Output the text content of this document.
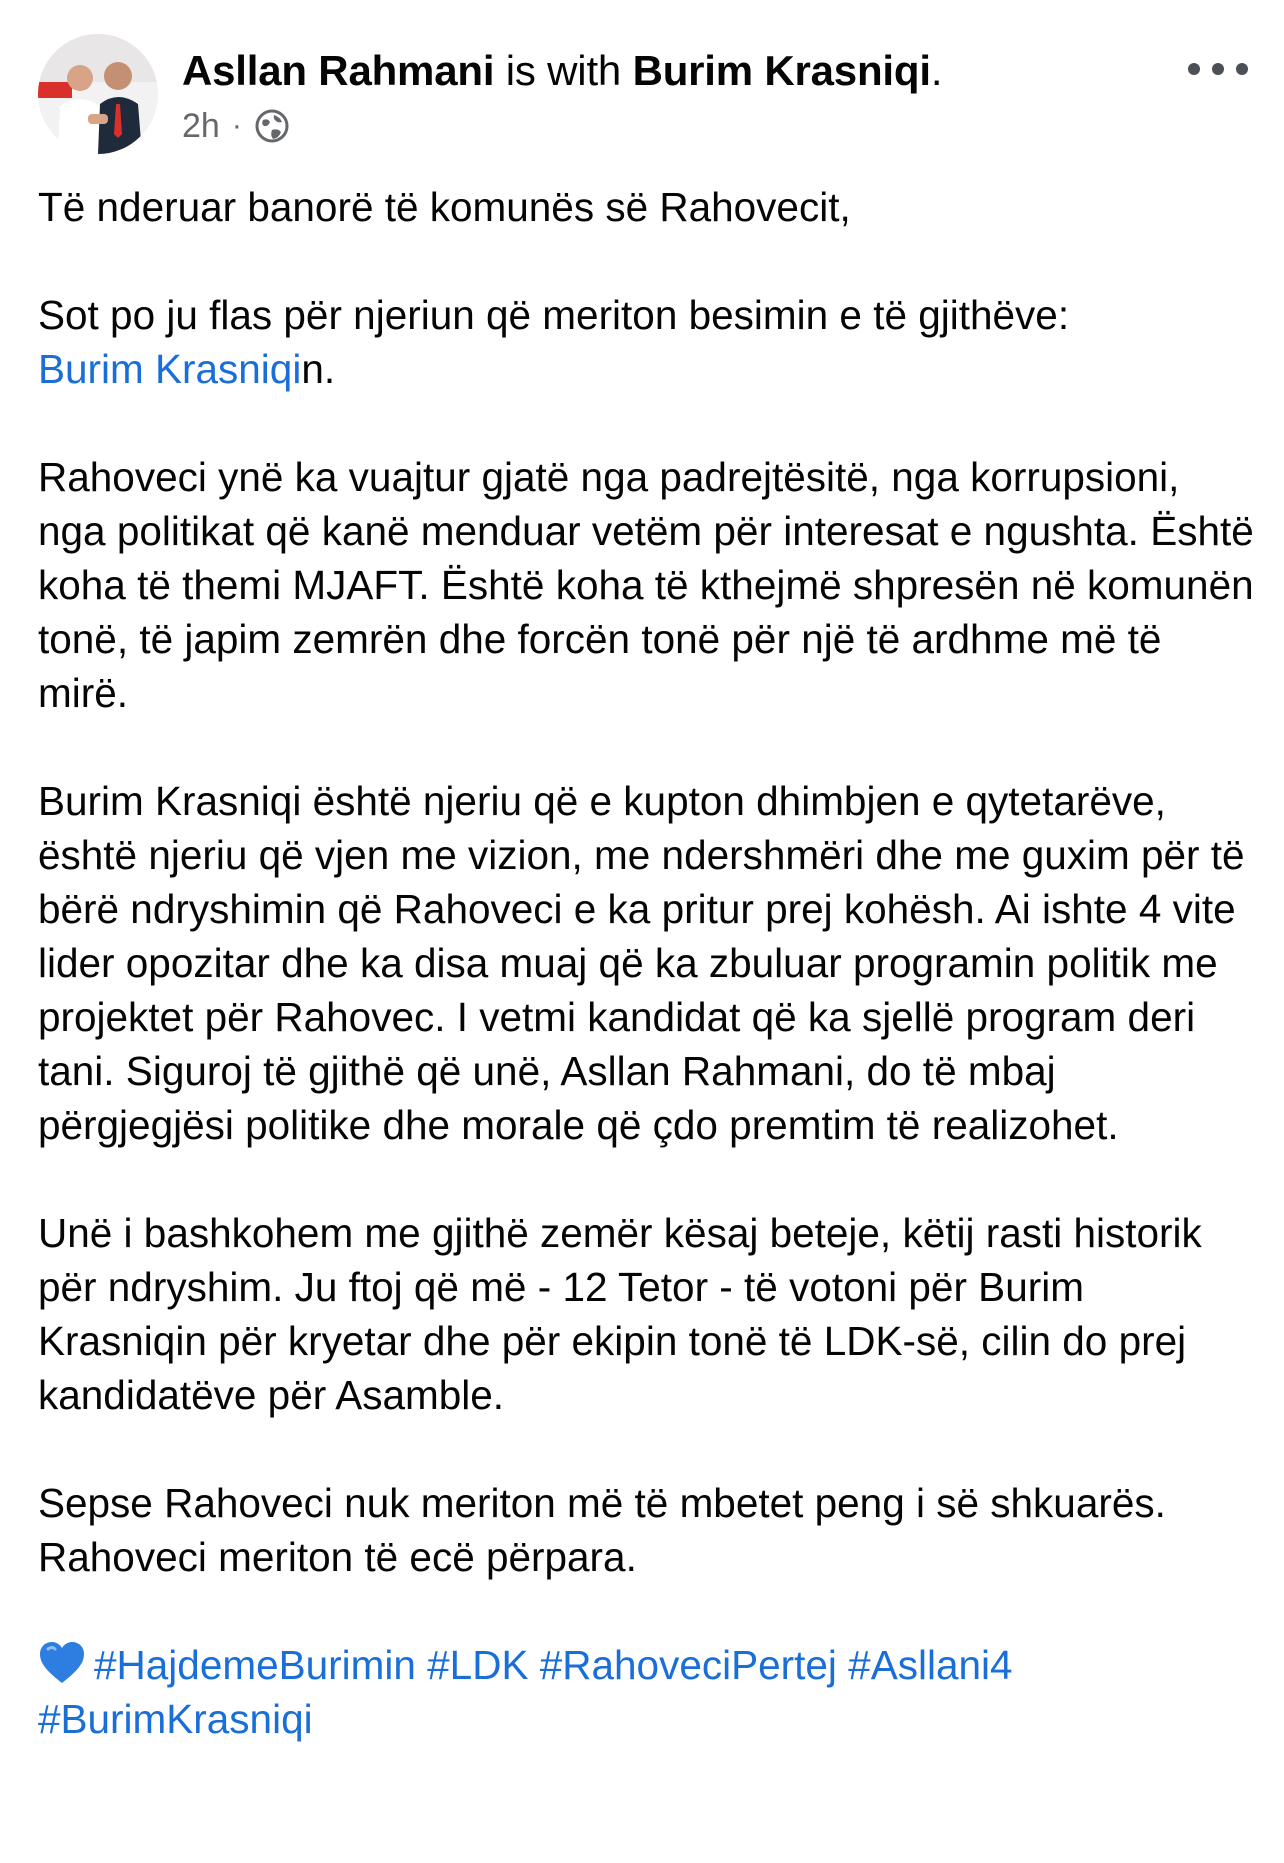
Asllan Rahmani is with Burim Krasniqi.
2h ·

Të nderuar banorë të komunës së Rahovecit,

Sot po ju flas për njeriun që meriton besimin e të gjithëve:
Burim Krasniqin.

Rahoveci ynë ka vuajtur gjatë nga padrejtësitë, nga korrupsioni, nga politikat që kanë menduar vetëm për interesat e ngushta. Është koha të themi MJAFT. Është koha të kthejmë shpresën në komunën tonë, të japim zemrën dhe forcën tonë për një të ardhme më të mirë.

Burim Krasniqi është njeriu që e kupton dhimbjen e qytetarëve, është njeriu që vjen me vizion, me ndershmëri dhe me guxim për të bërë ndryshimin që Rahoveci e ka pritur prej kohësh. Ai ishte 4 vite lider opozitar dhe ka disa muaj që ka zbuluar programin politik me projektet për Rahovec. I vetmi kandidat që ka sjellë program deri tani. Siguroj të gjithë që unë, Asllan Rahmani, do të mbaj përgjegjësi politike dhe morale që çdo premtim të realizohet.

Unë i bashkohem me gjithë zemër kësaj beteje, këtij rasti historik për ndryshim. Ju ftoj që më - 12 Tetor - të votoni për Burim Krasniqin për kryetar dhe për ekipin tonë të LDK-së, cilin do prej kandidatëve për Asamble.

Sepse Rahoveci nuk meriton më të mbetet peng i së shkuarës. Rahoveci meriton të ecë përpara.

#HajdemeBurimin #LDK #RahoveciPertej #Asllani4
#BurimKrasniqi
